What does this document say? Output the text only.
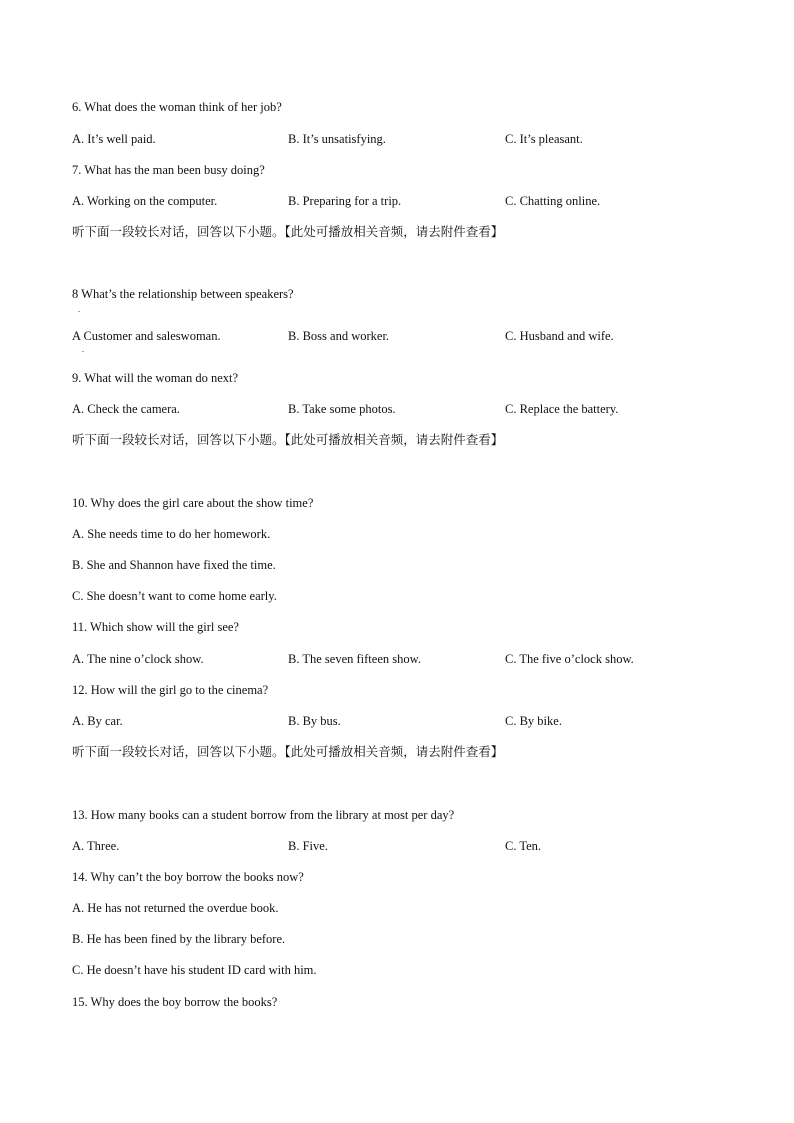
6. What does the woman think of her job?
A. It’s well paid.	B. It’s unsatisfying.	C. It’s pleasant.
7. What has the man been busy doing?
A. Working on the computer.	B. Preparing for a trip.	C. Chatting online.
听下面一段较长对话，回答以下小题。【此处可播放相关音频，请去附件查看】
8 What’s the relationship between speakers?
.
A Customer and saleswoman.
.
B. Boss and worker.	C. Husband and wife.
9. What will the woman do next?
A. Check the camera.	B. Take some photos.	C. Replace the battery.
听下面一段较长对话，回答以下小题。【此处可播放相关音频，请去附件查看】
10. Why does the girl care about the show time?
A. She needs time to do her homework.
B. She and Shannon have fixed the time.
C. She doesn’t want to come home early.
11. Which show will the girl see?
A. The nine o’clock show.	B. The seven fifteen show.	C. The five o’clock show.
12. How will the girl go to the cinema?
A. By car.	B. By bus.	C. By bike.
听下面一段较长对话，回答以下小题。【此处可播放相关音频，请去附件查看】
13. How many books can a student borrow from the library at most per day?
A. Three.	B. Five.	C. Ten.
14. Why can’t the boy borrow the books now?
A. He has not returned the overdue book.
B. He has been fined by the library before.
C. He doesn’t have his student ID card with him.
15. Why does the boy borrow the books?
